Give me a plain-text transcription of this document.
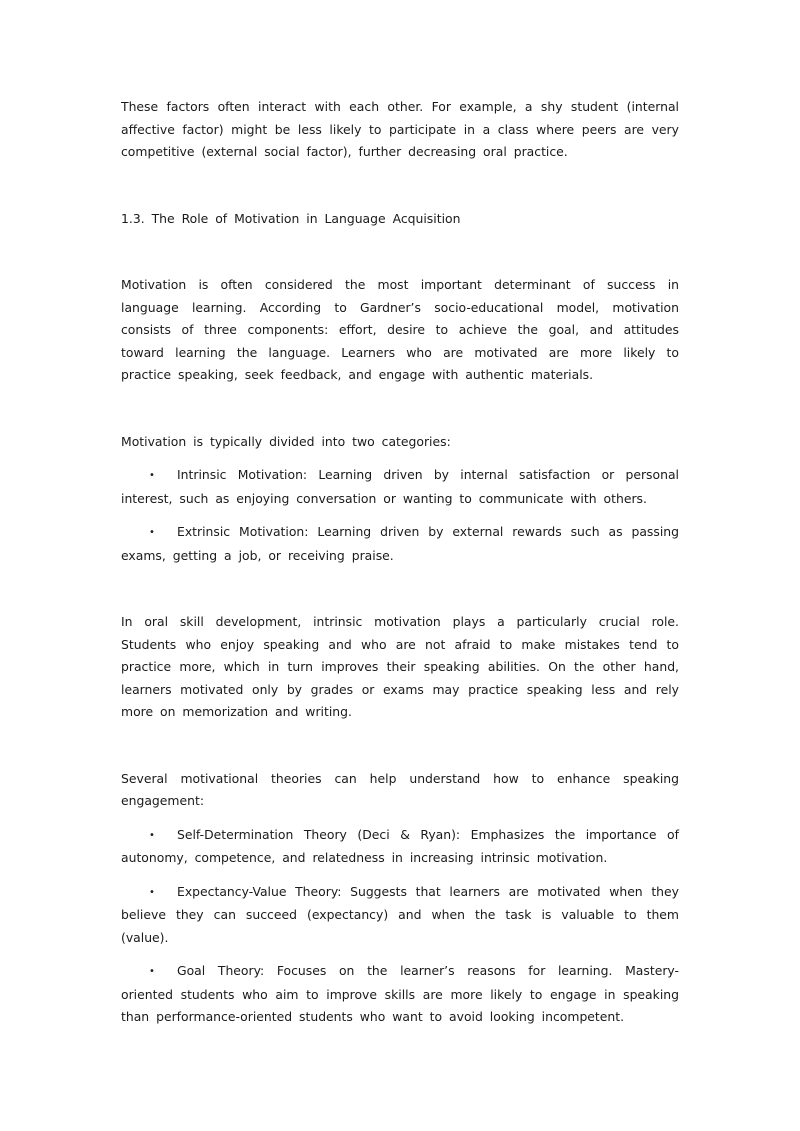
These factors often interact with each other. For example, a shy student (internal affective factor) might be less likely to participate in a class where peers are very competitive (external social factor), further decreasing oral practice.

1.3. The Role of Motivation in Language Acquisition

Motivation is often considered the most important determinant of success in language learning. According to Gardner’s socio-educational model, motivation consists of three components: effort, desire to achieve the goal, and attitudes toward learning the language. Learners who are motivated are more likely to practice speaking, seek feedback, and engage with authentic materials.

Motivation is typically divided into two categories:

• Intrinsic Motivation: Learning driven by internal satisfaction or personal interest, such as enjoying conversation or wanting to communicate with others.

• Extrinsic Motivation: Learning driven by external rewards such as passing exams, getting a job, or receiving praise.

In oral skill development, intrinsic motivation plays a particularly crucial role. Students who enjoy speaking and who are not afraid to make mistakes tend to practice more, which in turn improves their speaking abilities. On the other hand, learners motivated only by grades or exams may practice speaking less and rely more on memorization and writing.

Several motivational theories can help understand how to enhance speaking engagement:

• Self-Determination Theory (Deci & Ryan): Emphasizes the importance of autonomy, competence, and relatedness in increasing intrinsic motivation.

• Expectancy-Value Theory: Suggests that learners are motivated when they believe they can succeed (expectancy) and when the task is valuable to them (value).

• Goal Theory: Focuses on the learner’s reasons for learning. Mastery-oriented students who aim to improve skills are more likely to engage in speaking than performance-oriented students who want to avoid looking incompetent.
